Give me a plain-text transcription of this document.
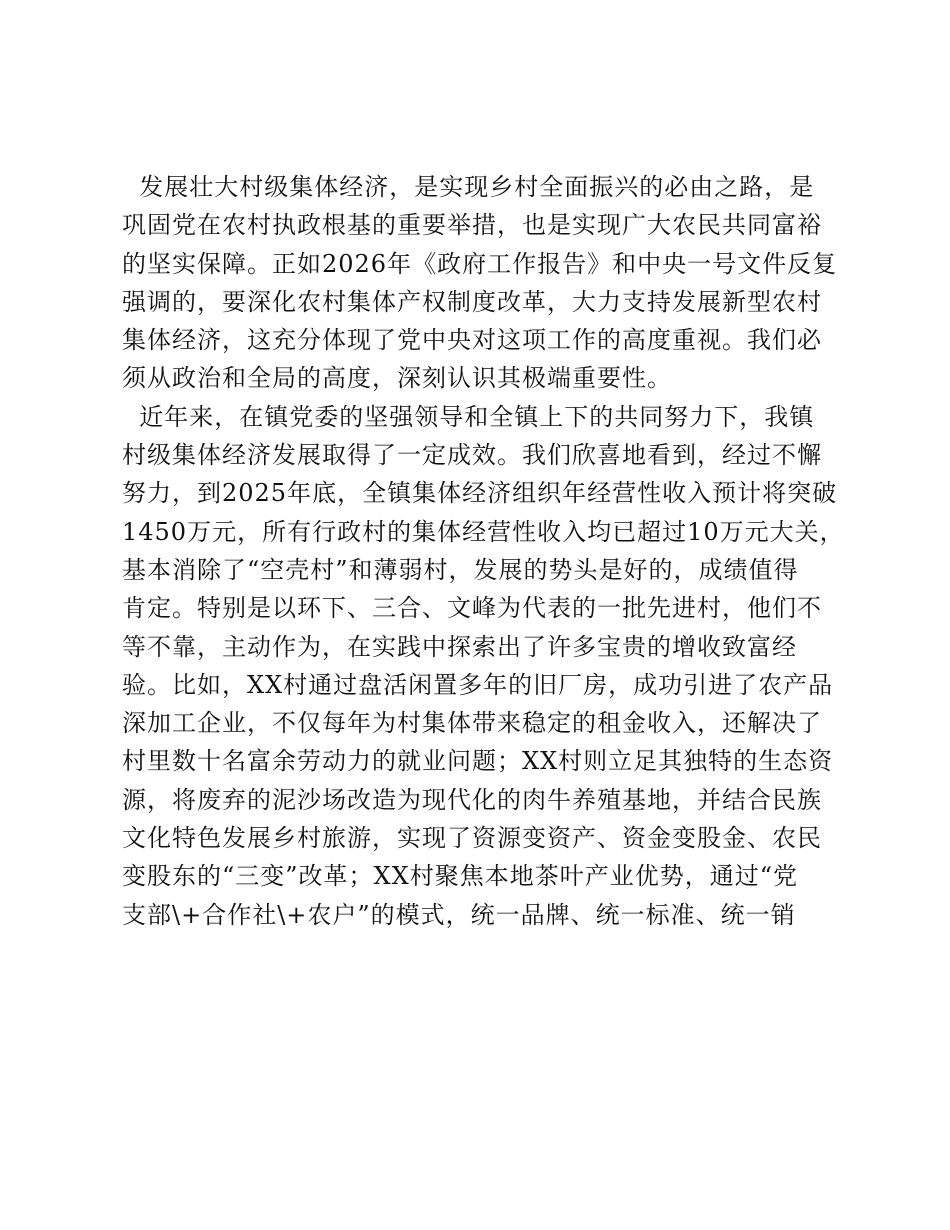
发展壮大村级集体经济，是实现乡村全面振兴的必由之路，是
巩固党在农村执政根基的重要举措，也是实现广大农民共同富裕
的坚实保障。正如2026年《政府工作报告》和中央一号文件反复
强调的，要深化农村集体产权制度改革，大力支持发展新型农村
集体经济，这充分体现了党中央对这项工作的高度重视。我们必
须从政治和全局的高度，深刻认识其极端重要性。
近年来，在镇党委的坚强领导和全镇上下的共同努力下，我镇
村级集体经济发展取得了一定成效。我们欣喜地看到，经过不懈
努力，到2025年底，全镇集体经济组织年经营性收入预计将突破
1450万元，所有行政村的集体经营性收入均已超过10万元大关，
基本消除了“空壳村”和薄弱村，发展的势头是好的，成绩值得
肯定。特别是以环下、三合、文峰为代表的一批先进村，他们不
等不靠，主动作为，在实践中探索出了许多宝贵的增收致富经
验。比如，XX村通过盘活闲置多年的旧厂房，成功引进了农产品
深加工企业，不仅每年为村集体带来稳定的租金收入，还解决了
村里数十名富余劳动力的就业问题；XX村则立足其独特的生态资
源，将废弃的泥沙场改造为现代化的肉牛养殖基地，并结合民族
文化特色发展乡村旅游，实现了资源变资产、资金变股金、农民
变股东的“三变”改革；XX村聚焦本地茶叶产业优势，通过“党
支部\+合作社\+农户”的模式，统一品牌、统一标准、统一销
